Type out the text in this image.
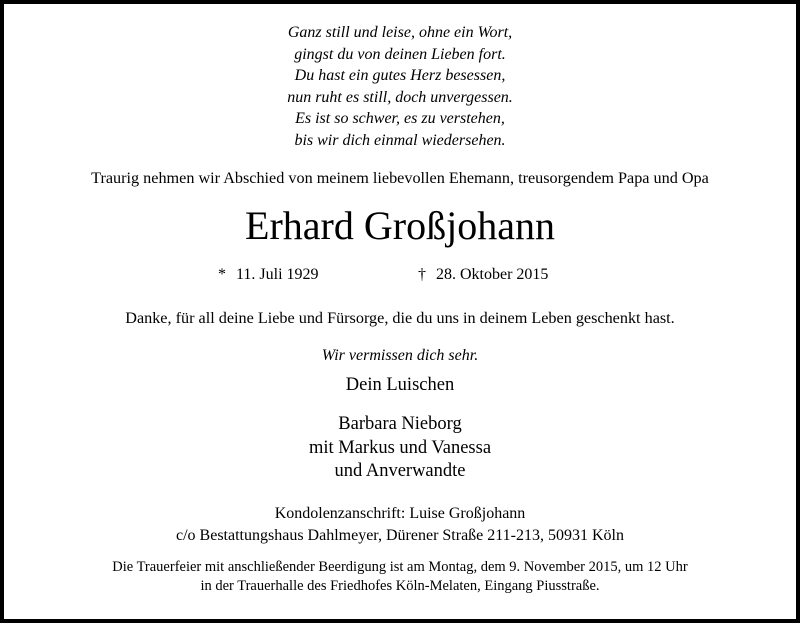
Ganz still und leise, ohne ein Wort,
gingst du von deinen Lieben fort.
Du hast ein gutes Herz besessen,
nun ruht es still, doch unvergessen.
Es ist so schwer, es zu verstehen,
bis wir dich einmal wiedersehen.
Traurig nehmen wir Abschied von meinem liebevollen Ehemann, treusorgendem Papa und Opa
Erhard Großjohann
* 11. Juli 1929	† 28. Oktober 2015
Danke, für all deine Liebe und Fürsorge, die du uns in deinem Leben geschenkt hast.
Wir vermissen dich sehr.
Dein Luischen
Barbara Nieborg
mit Markus und Vanessa
und Anverwandte
Kondolenzanschrift: Luise Großjohann
c/o Bestattungshaus Dahlmeyer, Dürener Straße 211-213, 50931 Köln
Die Trauerfeier mit anschließender Beerdigung ist am Montag, dem 9. November 2015, um 12 Uhr
in der Trauerhalle des Friedhofes Köln-Melaten, Eingang Piusstraße.
